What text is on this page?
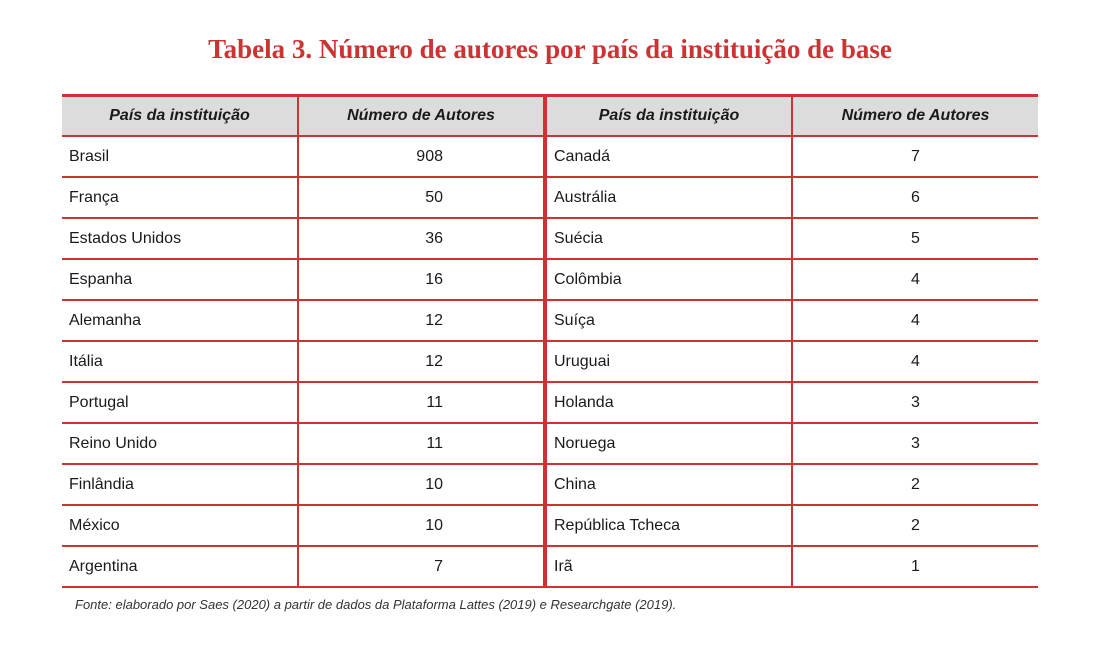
Tabela 3. Número de autores por país da instituição de base
País da instituição	Número de Autores	País da instituição	Número de Autores
Brasil	908	Canadá	7
França	50	Austrália	6
Estados Unidos	36	Suécia	5
Espanha	16	Colômbia	4
Alemanha	12	Suíça	4
Itália	12	Uruguai	4
Portugal	11	Holanda	3
Reino Unido	11	Noruega	3
Finlândia	10	China	2
México	10	República Tcheca	2
Argentina	7	Irã	1
Fonte: elaborado por Saes (2020) a partir de dados da Plataforma Lattes (2019) e Researchgate (2019).
